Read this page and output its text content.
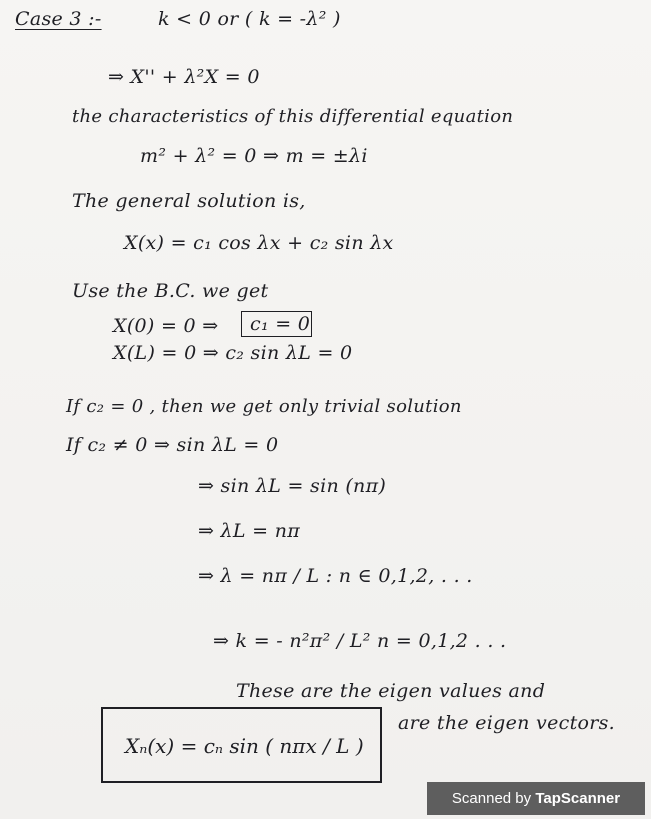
Case 3 :-	k < 0 or ( k = -λ² )
⇒ X'' + λ²X = 0
the characteristics of this differential equation
m² + λ² = 0 ⇒ m = ±λi
The general solution is,
X(x) = c₁ cos λx + c₂ sin λx
Use the B.C. we get
X(0) = 0 ⇒ c₁ = 0
X(L) = 0 ⇒ c₂ sin λL = 0
If c₂ = 0 , then we get only trivial solution
If c₂ ≠ 0 ⇒ sin λL = 0
⇒ sin λL = sin (nπ)
⇒ λL = nπ
⇒ λ = nπ / L : n ∈ 0,1,2, . . .
⇒ k = - n²π² / L² n = 0,1,2 . . .
These are the eigen values and
Xₙ(x) = cₙ sin ( nπx / L )
are the eigen vectors.
Scanned by TapScanner
